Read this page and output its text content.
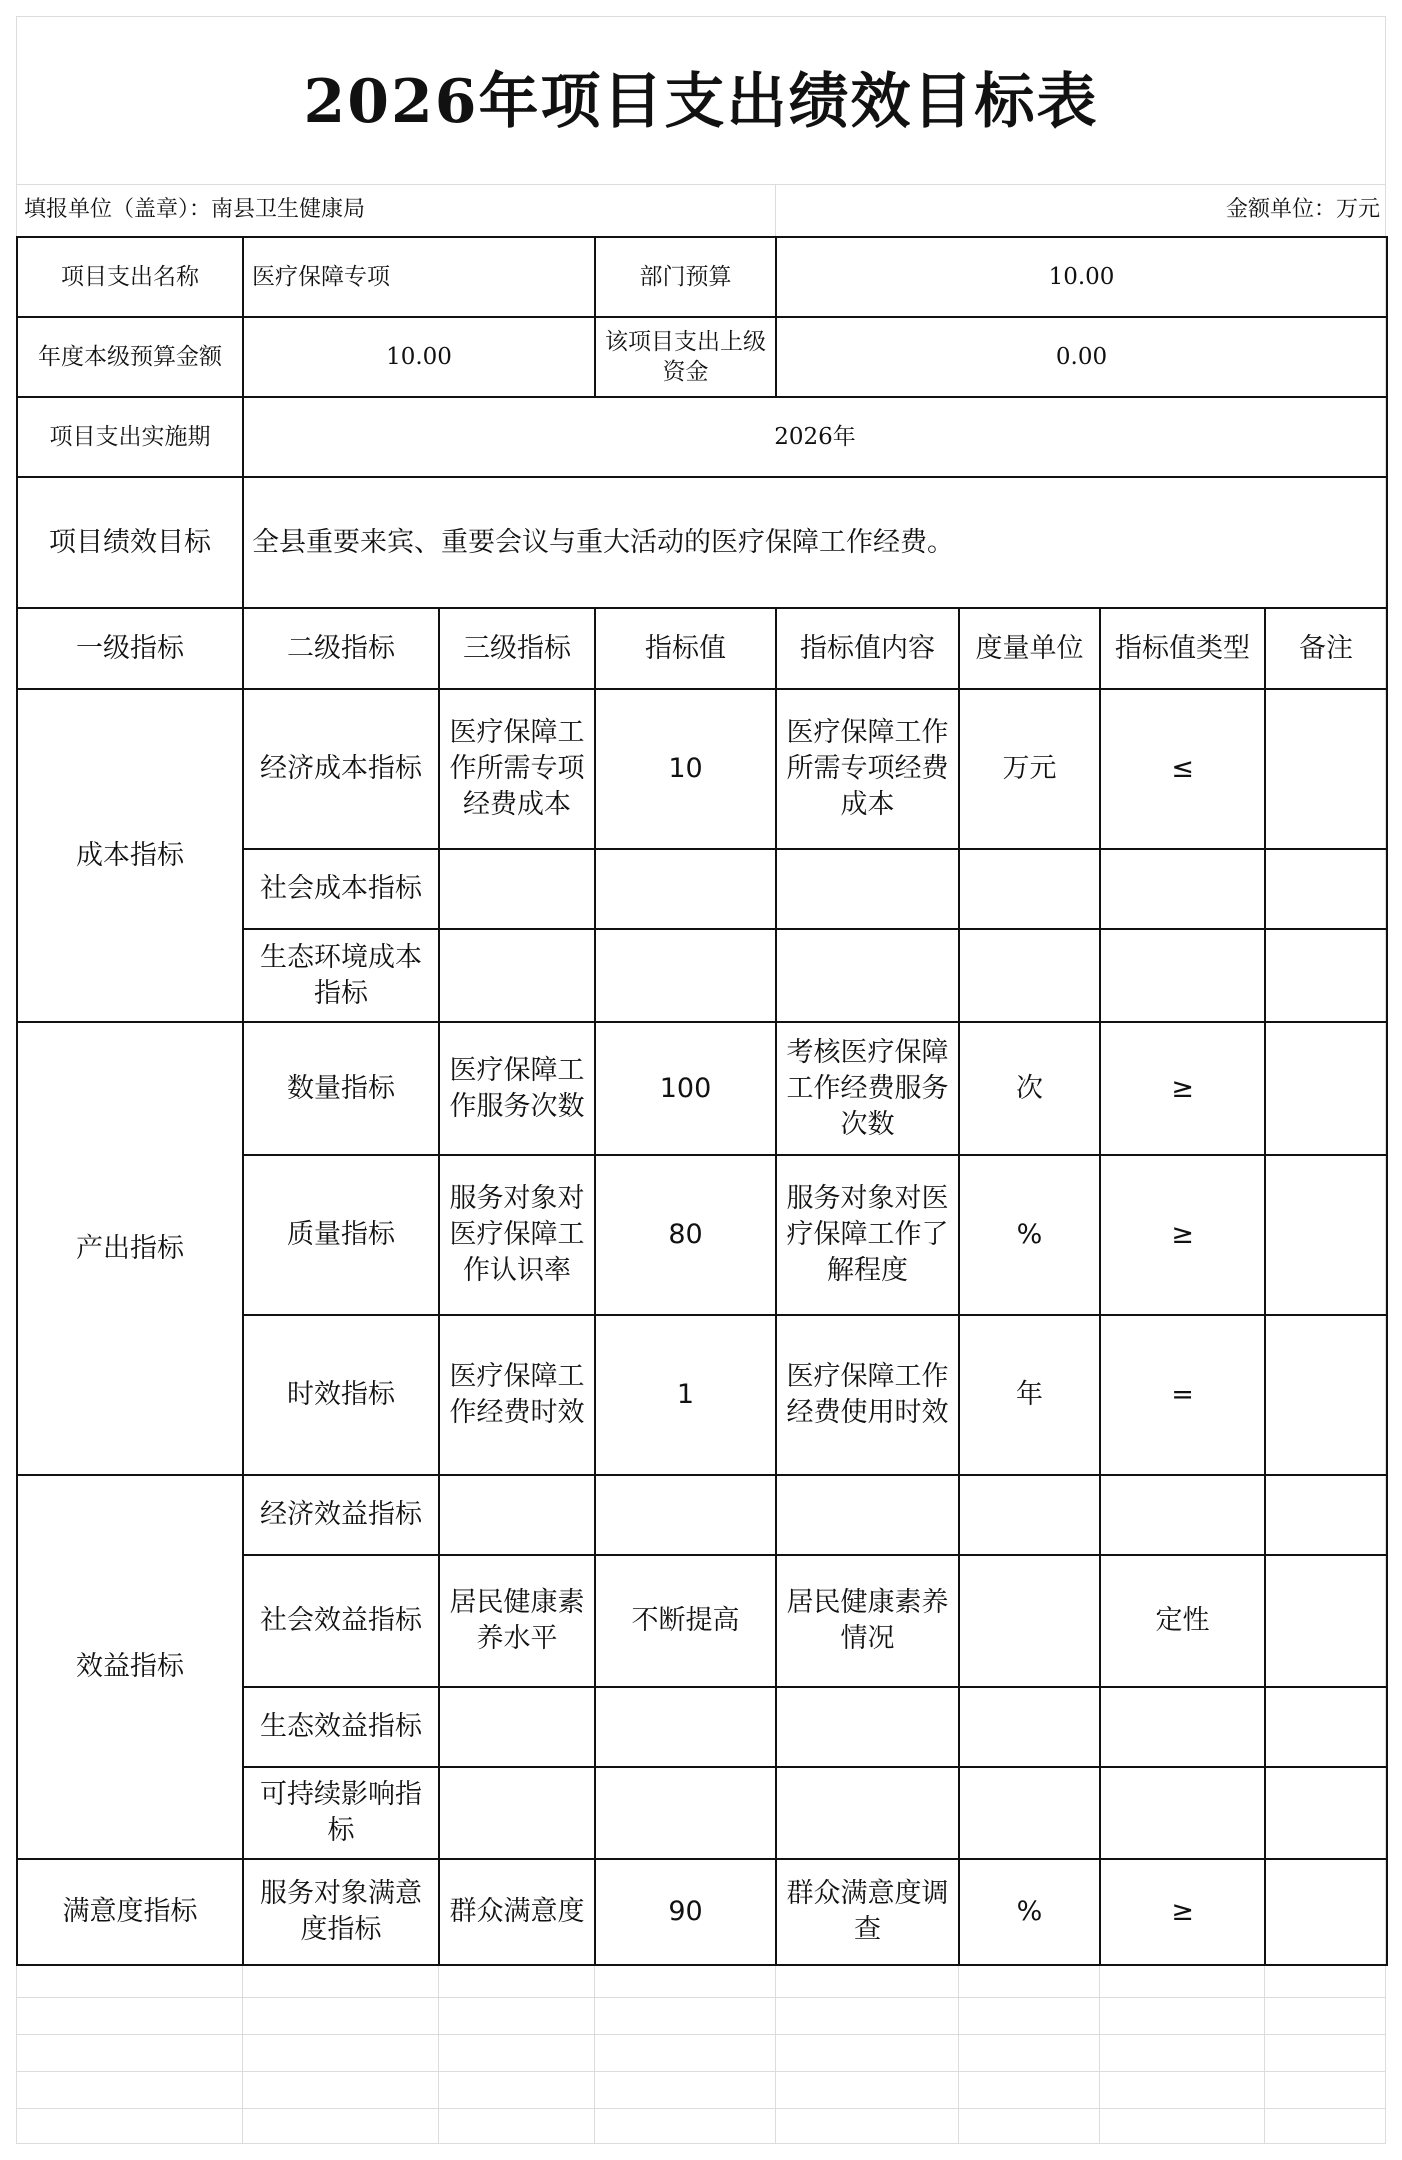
2026年项目支出绩效目标表
填报单位（盖章）：南县卫生健康局	金额单位：万元
项目支出名称	医疗保障专项		部门预算	10.00			
年度本级预算金额	10.00		该项目支出上级资金	0.00			
项目支出实施期	2026年						
项目绩效目标	全县重要来宾、重要会议与重大活动的医疗保障工作经费。						
一级指标	二级指标	三级指标	指标值	指标值内容	度量单位	指标值类型	备注
成本指标	经济成本指标	医疗保障工作所需专项经费成本	10	医疗保障工作所需专项经费成本	万元	≤	
	社会成本指标						
	生态环境成本指标						
产出指标	数量指标	医疗保障工作服务次数	100	考核医疗保障工作经费服务次数	次	≥	
	质量指标	服务对象对医疗保障工作认识率	80	服务对象对医疗保障工作了解程度	%	≥	
	时效指标	医疗保障工作经费时效	1	医疗保障工作经费使用时效	年	=	
效益指标	经济效益指标						
	社会效益指标	居民健康素养水平	不断提高	居民健康素养情况		定性	
	生态效益指标						
	可持续影响指标						
满意度指标	服务对象满意度指标	群众满意度	90	群众满意度调查	%	≥	
